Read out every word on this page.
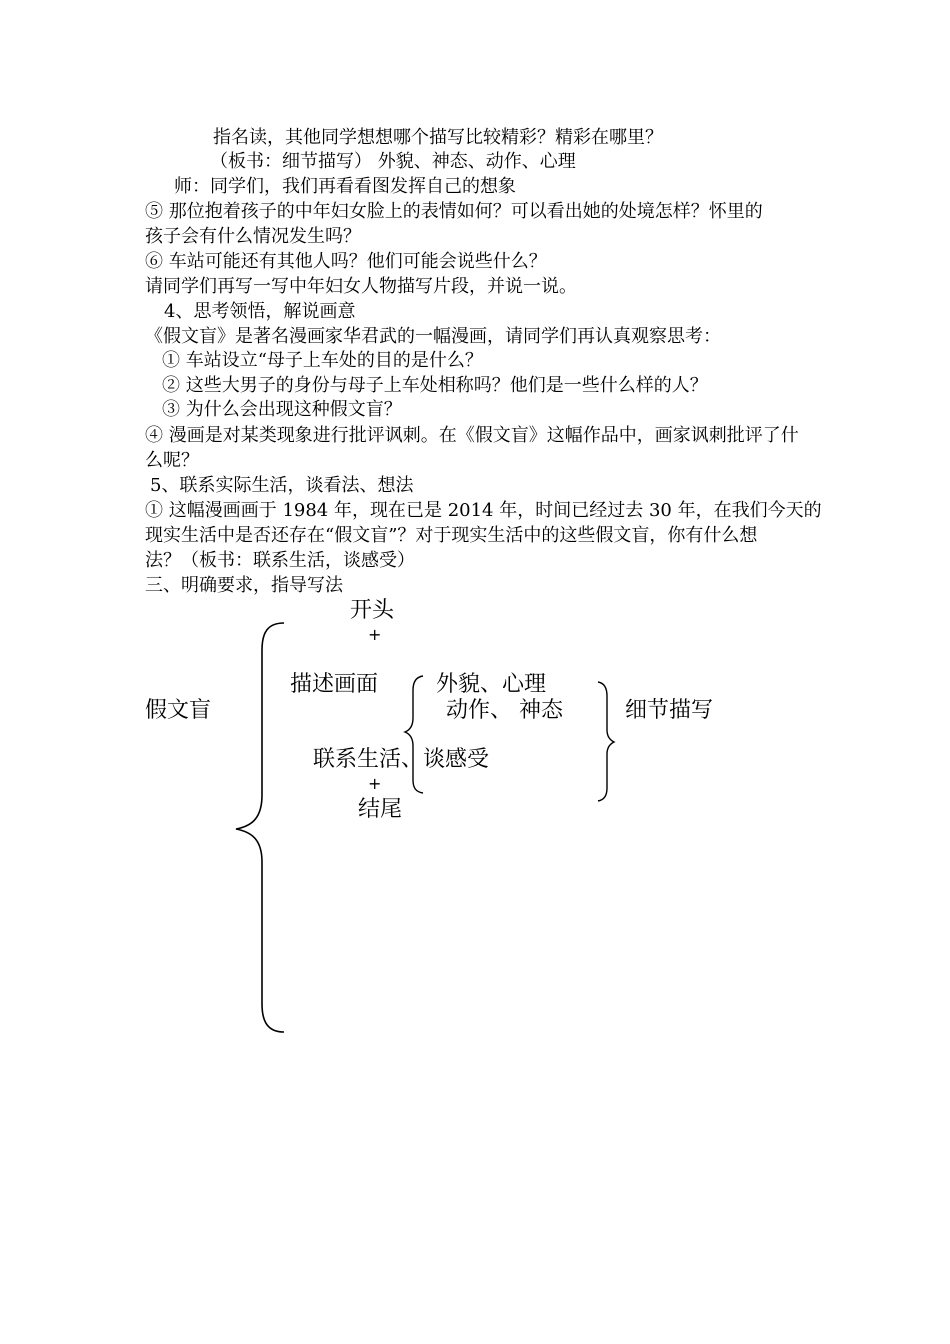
指名读，其他同学想想哪个描写比较精彩？精彩在哪里？
（板书：细节描写） 外貌、神态、动作、心理
师：同学们，我们再看看图发挥自己的想象
⑤ 那位抱着孩子的中年妇女脸上的表情如何？可以看出她的处境怎样？怀里的
孩子会有什么情况发生吗？
⑥ 车站可能还有其他人吗？他们可能会说些什么？
请同学们再写一写中年妇女人物描写片段，并说一说。
4、思考领悟，解说画意
《假文盲》是著名漫画家华君武的一幅漫画，请同学们再认真观察思考：
① 车站设立“母子上车处的目的是什么？
② 这些大男子的身份与母子上车处相称吗？他们是一些什么样的人？
③ 为什么会出现这种假文盲？
④ 漫画是对某类现象进行批评讽刺。在《假文盲》这幅作品中，画家讽刺批评了什
么呢？
5、联系实际生活，谈看法、想法
① 这幅漫画画于 1984 年，现在已是 2014 年，时间已经过去 30 年，在我们今天的
现实生活中是否还存在“假文盲”？对于现实生活中的这些假文盲，你有什么想
法？（板书：联系生活，谈感受）
三、明确要求，指导写法
假文盲
开头
+
描述画面	外貌、心理
动作、 神态	细节描写
联系生活、谈感受
+
结尾
